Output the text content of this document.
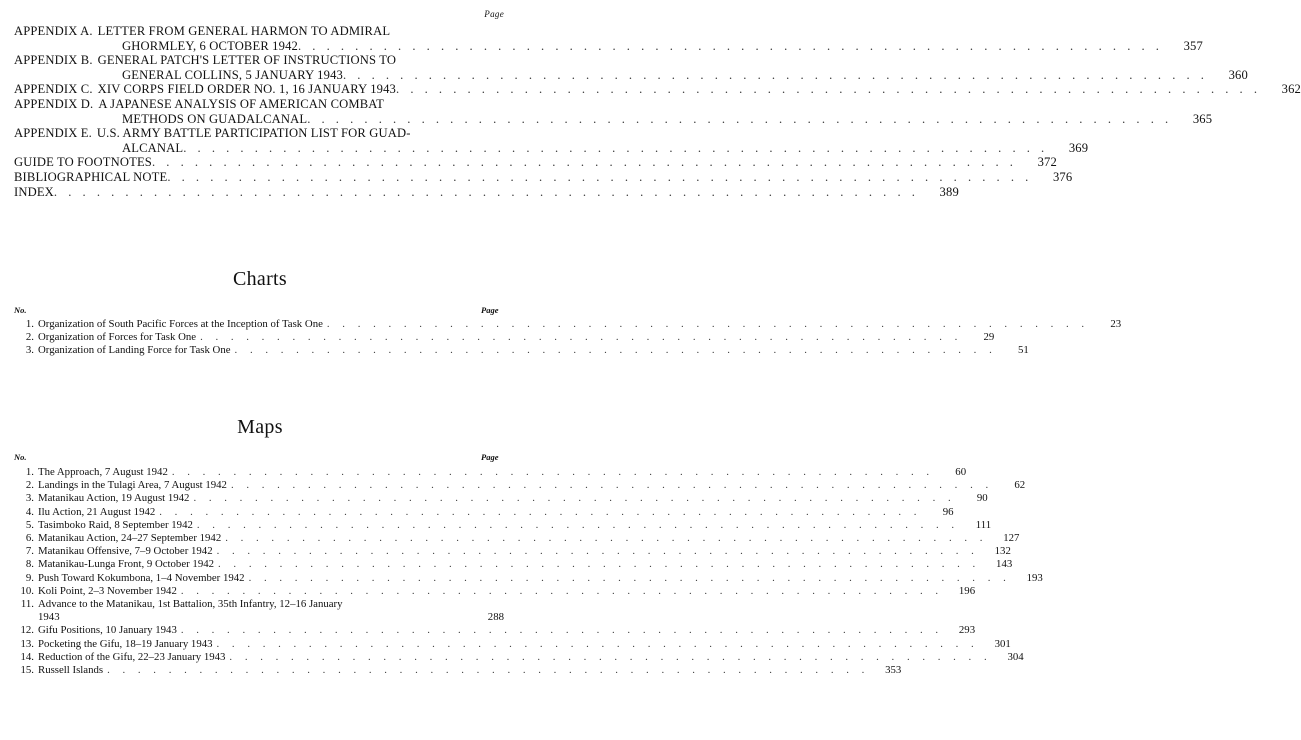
Page
APPENDIX A. LETTER FROM GENERAL HARMON TO ADMIRAL
GHORMLEY, 6 OCTOBER 1942 . . . . . . . . . . . . . . . . . . . . . . . . . . . . . . . . . . . . . . . . . . . . . . . . . . . . . . . . . . . . .	357
APPENDIX B. GENERAL PATCH'S LETTER OF INSTRUCTIONS TO
GENERAL COLLINS, 5 JANUARY 1943 . . . . . . . . . . . . . . . . . . . . . . . . . . . . . . . . . . . . . . . . . . . . . . . . . . . . . . . . . . . . .	360
APPENDIX C. XIV CORPS FIELD ORDER NO. 1, 16 JANUARY 1943 . . . . . . . . . . . . . . . . . . . . . . . . . . . . . . . . . . . . . . . . . . . . . . . . . . . . . . . . . . . . .	362
APPENDIX D. A JAPANESE ANALYSIS OF AMERICAN COMBAT
METHODS ON GUADALCANAL . . . . . . . . . . . . . . . . . . . . . . . . . . . . . . . . . . . . . . . . . . . . . . . . . . . . . . . . . . . . .	365
APPENDIX E. U.S. ARMY BATTLE PARTICIPATION LIST FOR GUAD-
ALCANAL . . . . . . . . . . . . . . . . . . . . . . . . . . . . . . . . . . . . . . . . . . . . . . . . . . . . . . . . . . . . .	369
GUIDE TO FOOTNOTES . . . . . . . . . . . . . . . . . . . . . . . . . . . . . . . . . . . . . . . . . . . . . . . . . . . . . . . . . . . . .	372
BIBLIOGRAPHICAL NOTE . . . . . . . . . . . . . . . . . . . . . . . . . . . . . . . . . . . . . . . . . . . . . . . . . . . . . . . . . . . . .	376
INDEX . . . . . . . . . . . . . . . . . . . . . . . . . . . . . . . . . . . . . . . . . . . . . . . . . . . . . . . . . . . . .	389
Charts
No.	Page
1. Organization of South Pacific Forces at the Inception of Task One . . . . . . . . . . . . . . . . . . . . . . . . . . . . . . . . . . . . . . . . . . . . . . . . . .	23
2. Organization of Forces for Task One . . . . . . . . . . . . . . . . . . . . . . . . . . . . . . . . . . . . . . . . . . . . . . . . . .	29
3. Organization of Landing Force for Task One . . . . . . . . . . . . . . . . . . . . . . . . . . . . . . . . . . . . . . . . . . . . . . . . . .	51
Maps
No.	Page
1. The Approach, 7 August 1942 . . . . . . . . . . . . . . . . . . . . . . . . . . . . . . . . . . . . . . . . . . . . . . . . . .	60
2. Landings in the Tulagi Area, 7 August 1942 . . . . . . . . . . . . . . . . . . . . . . . . . . . . . . . . . . . . . . . . . . . . . . . . . .	62
3. Matanikau Action, 19 August 1942 . . . . . . . . . . . . . . . . . . . . . . . . . . . . . . . . . . . . . . . . . . . . . . . . . .	90
4. Ilu Action, 21 August 1942 . . . . . . . . . . . . . . . . . . . . . . . . . . . . . . . . . . . . . . . . . . . . . . . . . .	96
5. Tasimboko Raid, 8 September 1942 . . . . . . . . . . . . . . . . . . . . . . . . . . . . . . . . . . . . . . . . . . . . . . . . . .	111
6. Matanikau Action, 24–27 September 1942 . . . . . . . . . . . . . . . . . . . . . . . . . . . . . . . . . . . . . . . . . . . . . . . . . .	127
7. Matanikau Offensive, 7–9 October 1942 . . . . . . . . . . . . . . . . . . . . . . . . . . . . . . . . . . . . . . . . . . . . . . . . . .	132
8. Matanikau-Lunga Front, 9 October 1942 . . . . . . . . . . . . . . . . . . . . . . . . . . . . . . . . . . . . . . . . . . . . . . . . . .	143
9. Push Toward Kokumbona, 1–4 November 1942 . . . . . . . . . . . . . . . . . . . . . . . . . . . . . . . . . . . . . . . . . . . . . . . . . .	193
10. Koli Point, 2–3 November 1942 . . . . . . . . . . . . . . . . . . . . . . . . . . . . . . . . . . . . . . . . . . . . . . . . . .	196
11. Advance to the Matanikau, 1st Battalion, 35th Infantry, 12–16 January
1943	288
12. Gifu Positions, 10 January 1943 . . . . . . . . . . . . . . . . . . . . . . . . . . . . . . . . . . . . . . . . . . . . . . . . . .	293
13. Pocketing the Gifu, 18–19 January 1943 . . . . . . . . . . . . . . . . . . . . . . . . . . . . . . . . . . . . . . . . . . . . . . . . . .	301
14. Reduction of the Gifu, 22–23 January 1943 . . . . . . . . . . . . . . . . . . . . . . . . . . . . . . . . . . . . . . . . . . . . . . . . . .	304
15. Russell Islands . . . . . . . . . . . . . . . . . . . . . . . . . . . . . . . . . . . . . . . . . . . . . . . . . .	353
